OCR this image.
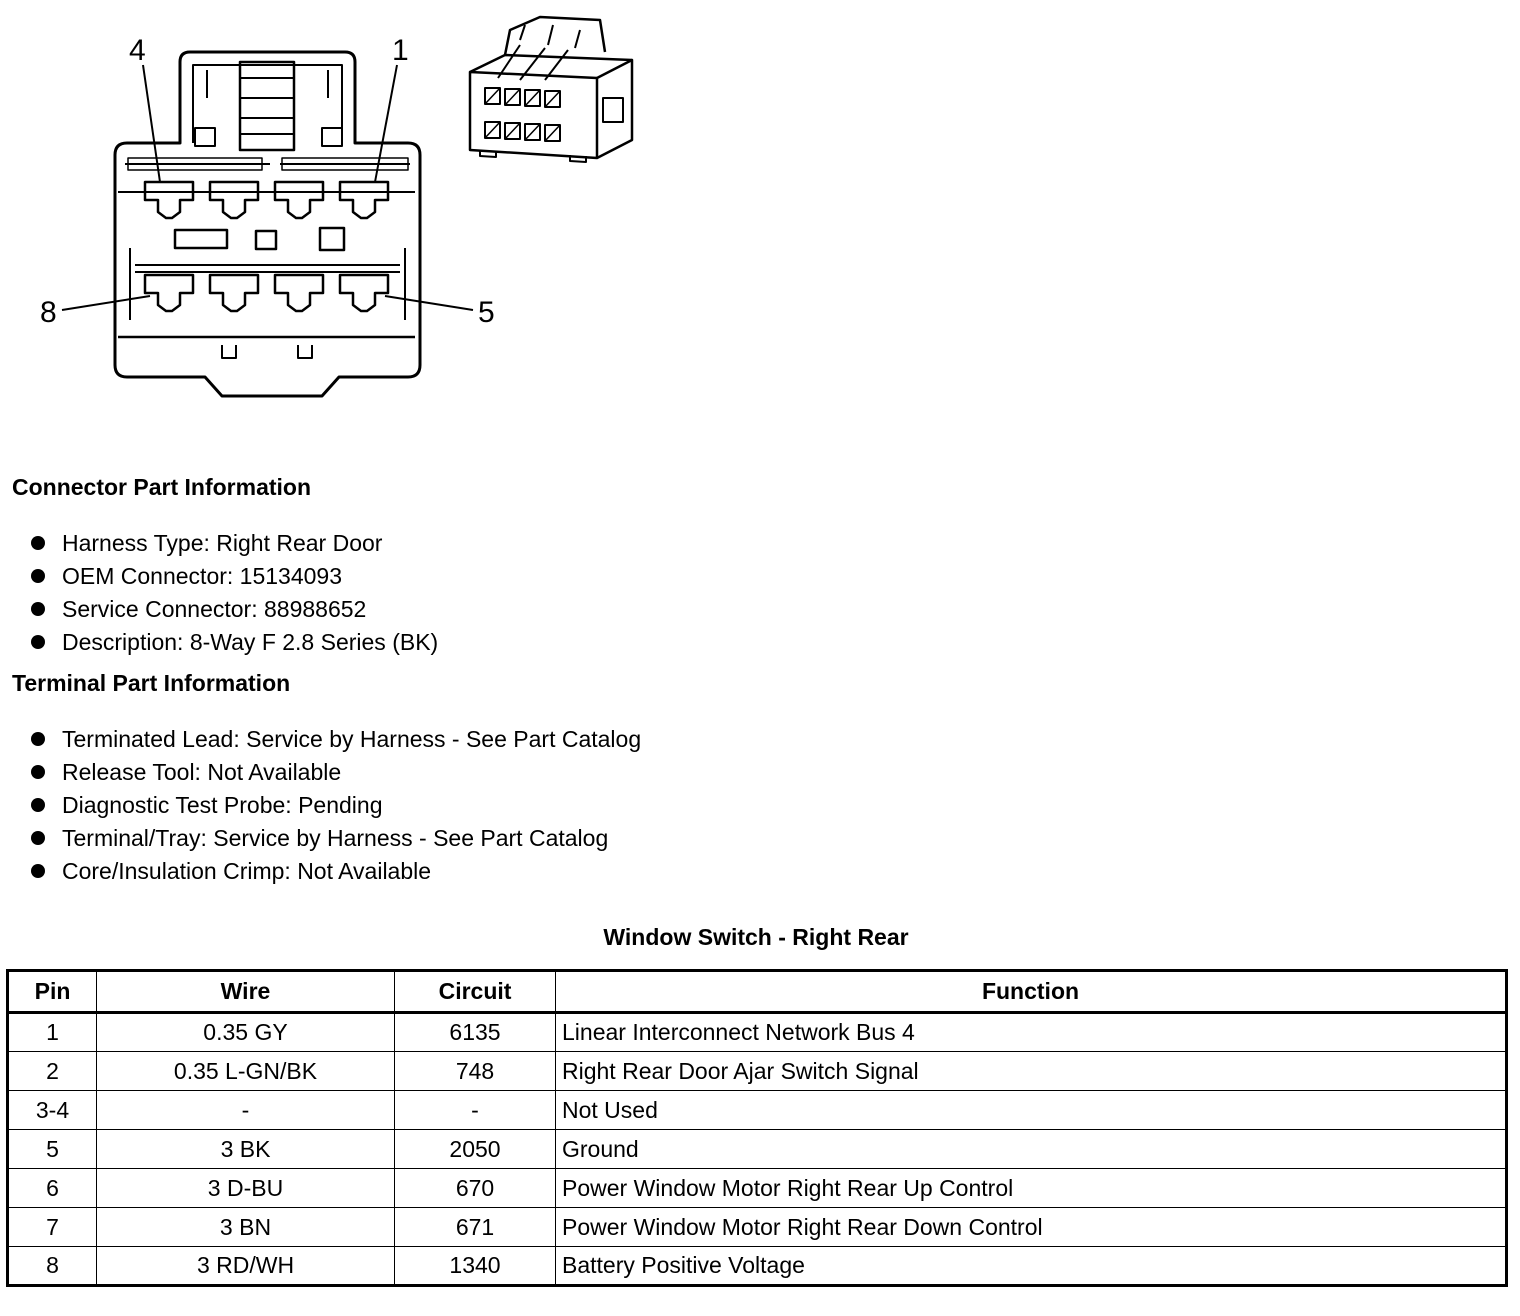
4	1
8	5
Connector Part Information
Harness Type: Right Rear Door
OEM Connector: 15134093
Service Connector: 88988652
Description: 8-Way F 2.8 Series (BK)
Terminal Part Information
Terminated Lead: Service by Harness - See Part Catalog
Release Tool: Not Available
Diagnostic Test Probe: Pending
Terminal/Tray: Service by Harness - See Part Catalog
Core/Insulation Crimp: Not Available
Window Switch - Right Rear
Pin	Wire	Circuit	Function
1	0.35 GY	6135	Linear Interconnect Network Bus 4
2	0.35 L-GN/BK	748	Right Rear Door Ajar Switch Signal
3-4	-	-	Not Used
5	3 BK	2050	Ground
6	3 D-BU	670	Power Window Motor Right Rear Up Control
7	3 BN	671	Power Window Motor Right Rear Down Control
8	3 RD/WH	1340	Battery Positive Voltage
